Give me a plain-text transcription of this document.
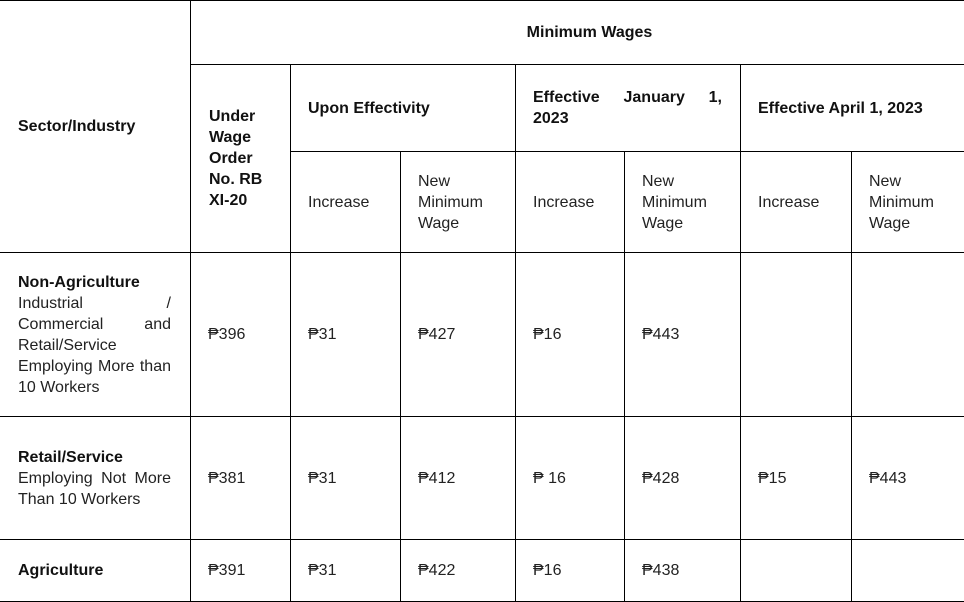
Sector/Industry	Minimum Wages						
	Under Wage Order No. RB XI-20	Upon Effectivity		Effective January 1, 2023		Effective April 1, 2023	
		Increase	New Minimum Wage	Increase	New Minimum Wage	Increase	New Minimum Wage

Non-Agriculture
Industrial / Commercial and Retail/Service Employing More than 10 Workers	₱396	₱31	₱427	₱16	₱443		

Retail/Service
Employing Not More Than 10 Workers	₱381	₱31	₱412	₱ 16	₱428	₱15	₱443

Agriculture	₱391	₱31	₱422	₱16	₱438		
